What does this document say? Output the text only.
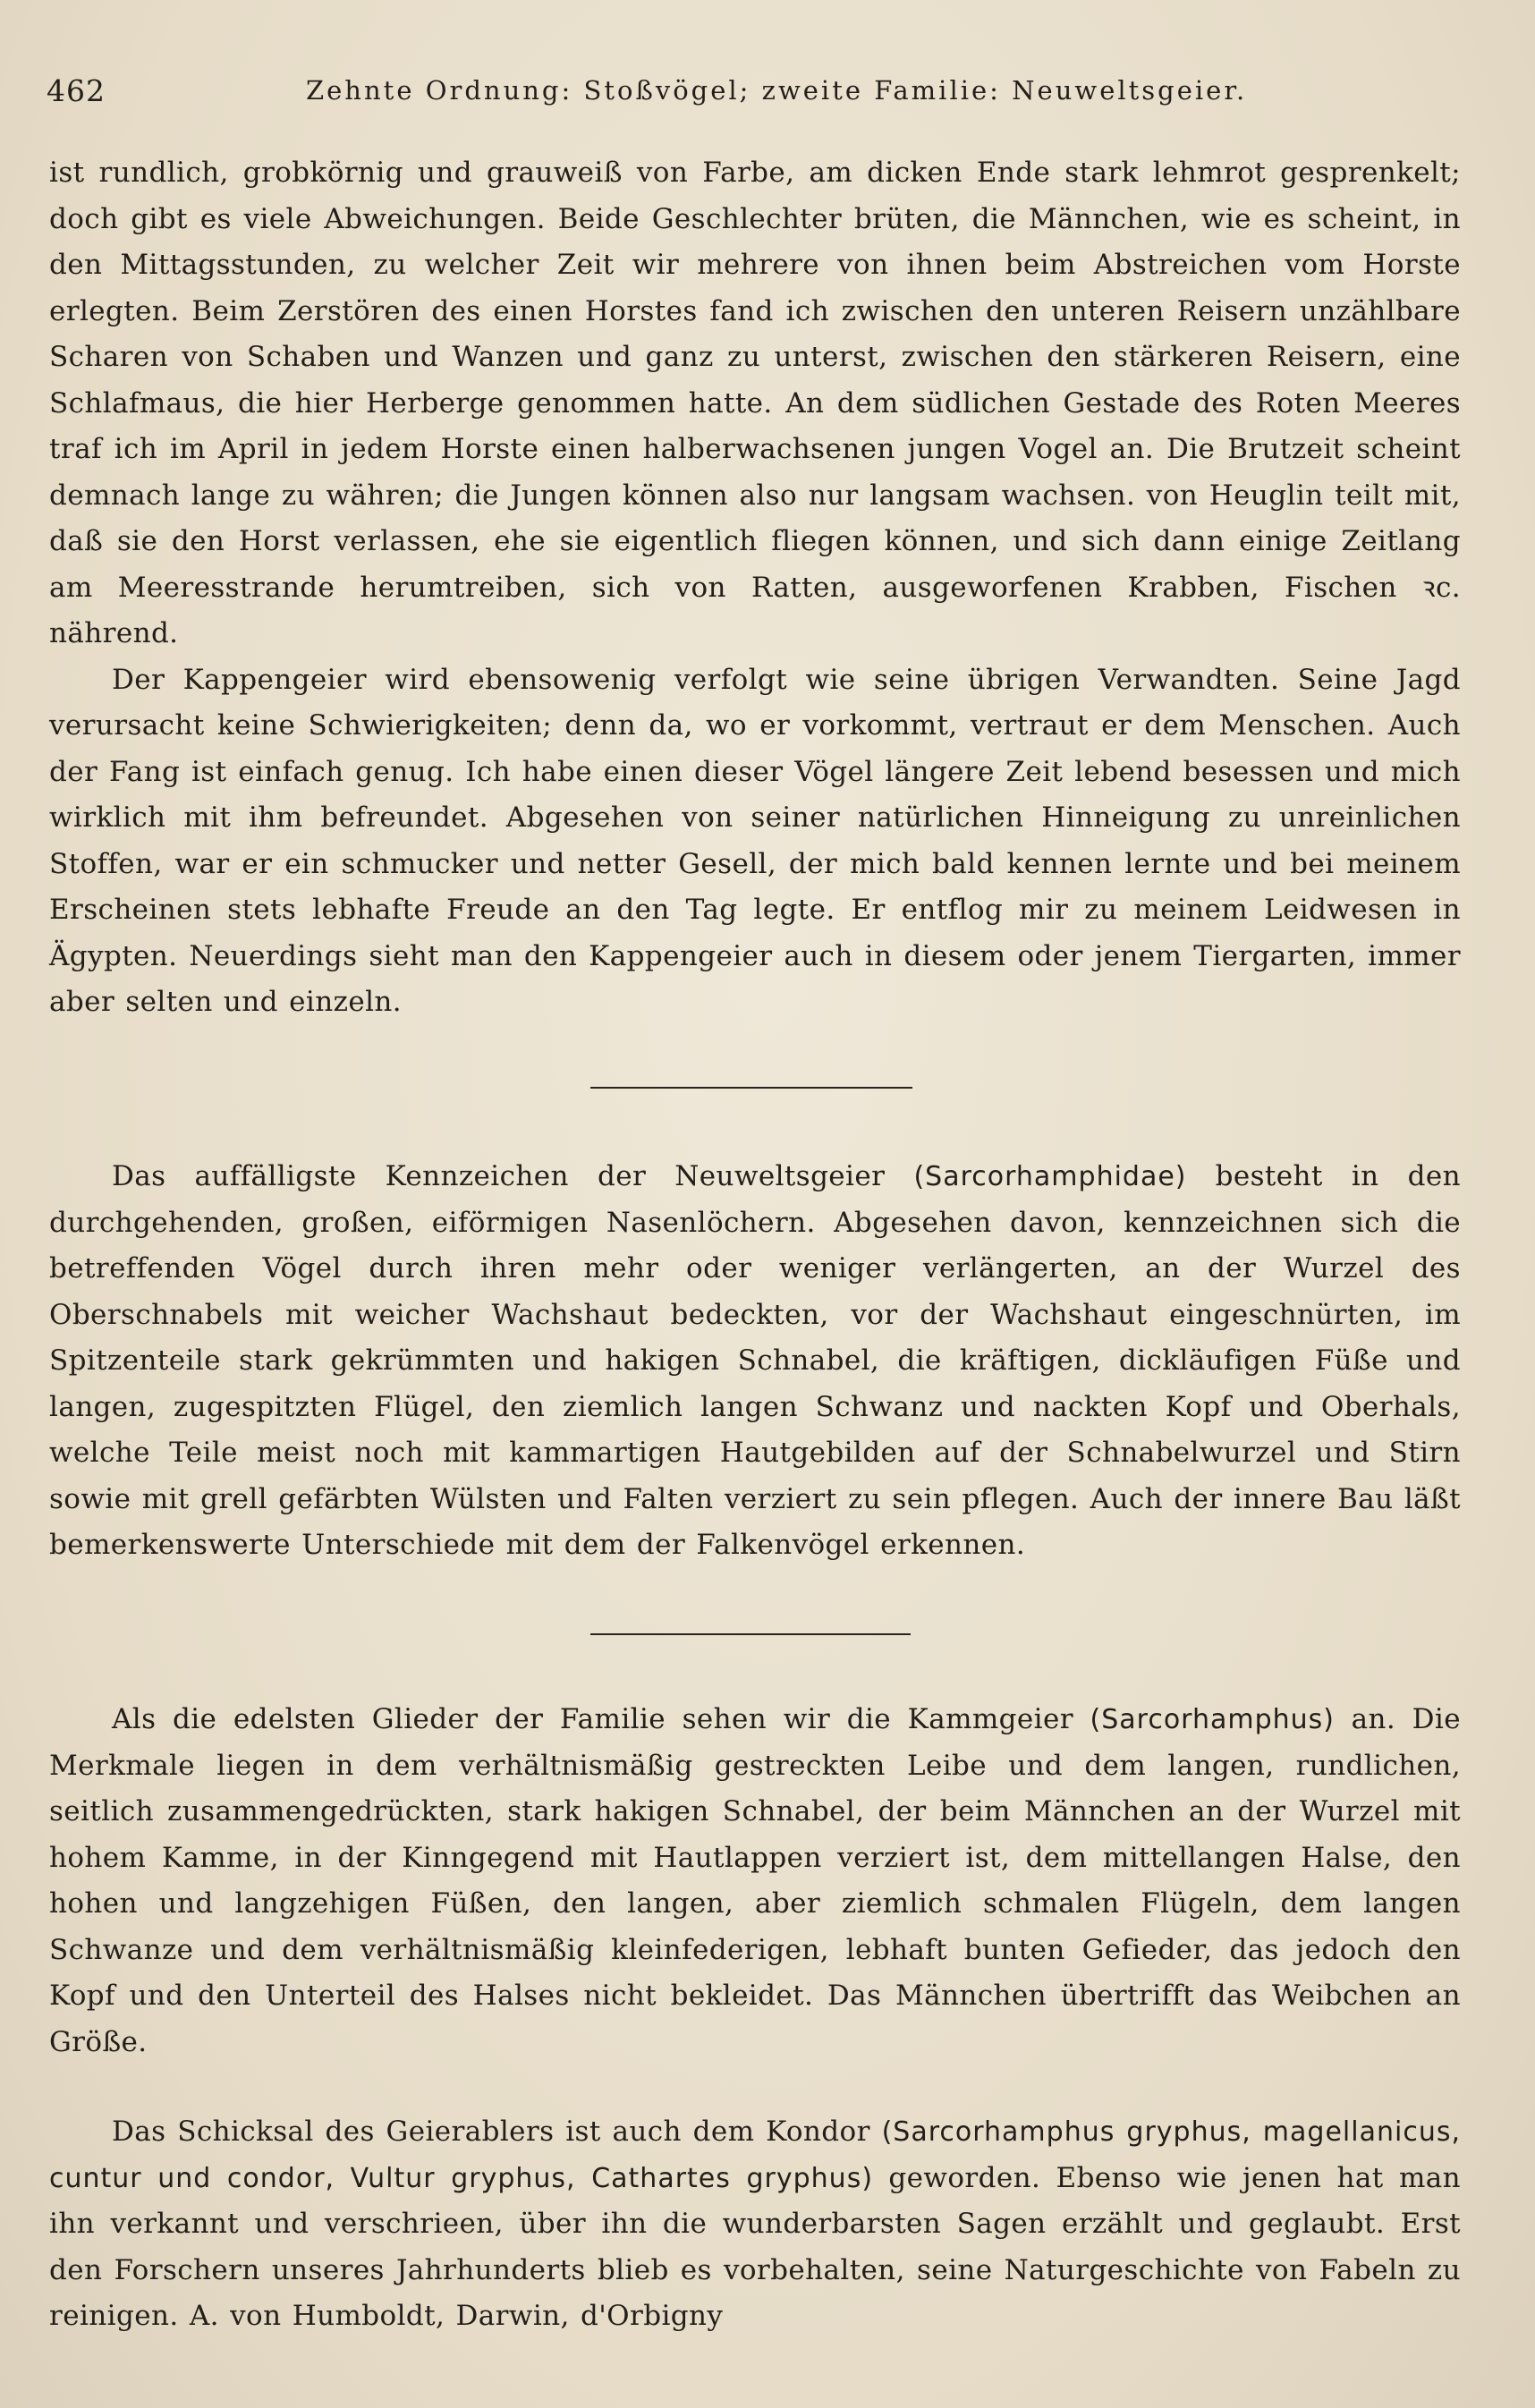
462	Zehnte Ordnung: Stoßvögel; zweite Familie: Neuweltsgeier.

ist rundlich, grobkörnig und grauweiß von Farbe, am dicken Ende stark lehmrot gesprenkelt; doch gibt es viele Abweichungen. Beide Geschlechter brüten, die Männchen, wie es scheint, in den Mittagsstunden, zu welcher Zeit wir mehrere von ihnen beim Abstreichen vom Horste erlegten. Beim Zerstören des einen Horstes fand ich zwischen den unteren Reisern unzählbare Scharen von Schaben und Wanzen und ganz zu unterst, zwischen den stärkeren Reisern, eine Schlafmaus, die hier Herberge genommen hatte. An dem südlichen Gestade des Roten Meeres traf ich im April in jedem Horste einen halberwachsenen jungen Vogel an. Die Brutzeit scheint demnach lange zu währen; die Jungen können also nur langsam wachsen. von Heuglin teilt mit, daß sie den Horst verlassen, ehe sie eigentlich fliegen können, und sich dann einige Zeitlang am Meeresstrande herumtreiben, sich von Ratten, ausgeworfenen Krabben, Fischen ꝛc. nährend.

Der Kappengeier wird ebensowenig verfolgt wie seine übrigen Verwandten. Seine Jagd verursacht keine Schwierigkeiten; denn da, wo er vorkommt, vertraut er dem Menschen. Auch der Fang ist einfach genug. Ich habe einen dieser Vögel längere Zeit lebend besessen und mich wirklich mit ihm befreundet. Abgesehen von seiner natürlichen Hinneigung zu unreinlichen Stoffen, war er ein schmucker und netter Gesell, der mich bald kennen lernte und bei meinem Erscheinen stets lebhafte Freude an den Tag legte. Er entflog mir zu meinem Leidwesen in Ägypten. Neuerdings sieht man den Kappengeier auch in diesem oder jenem Tiergarten, immer aber selten und einzeln.

Das auffälligste Kennzeichen der Neuweltsgeier (Sarcorhamphidae) besteht in den durchgehenden, großen, eiförmigen Nasenlöchern. Abgesehen davon, kennzeichnen sich die betreffenden Vögel durch ihren mehr oder weniger verlängerten, an der Wurzel des Oberschnabels mit weicher Wachshaut bedeckten, vor der Wachshaut eingeschnürten, im Spitzenteile stark gekrümmten und hakigen Schnabel, die kräftigen, dickläufigen Füße und langen, zugespitzten Flügel, den ziemlich langen Schwanz und nackten Kopf und Oberhals, welche Teile meist noch mit kammartigen Hautgebilden auf der Schnabelwurzel und Stirn sowie mit grell gefärbten Wülsten und Falten verziert zu sein pflegen. Auch der innere Bau läßt bemerkenswerte Unterschiede mit dem der Falkenvögel erkennen.

Als die edelsten Glieder der Familie sehen wir die Kammgeier (Sarcorhamphus) an. Die Merkmale liegen in dem verhältnismäßig gestreckten Leibe und dem langen, rundlichen, seitlich zusammengedrückten, stark hakigen Schnabel, der beim Männchen an der Wurzel mit hohem Kamme, in der Kinngegend mit Hautlappen verziert ist, dem mittellangen Halse, den hohen und langzehigen Füßen, den langen, aber ziemlich schmalen Flügeln, dem langen Schwanze und dem verhältnismäßig kleinfederigen, lebhaft bunten Gefieder, das jedoch den Kopf und den Unterteil des Halses nicht bekleidet. Das Männchen übertrifft das Weibchen an Größe.

Das Schicksal des Geierablers ist auch dem Kondor (Sarcorhamphus gryphus, magellanicus, cuntur und condor, Vultur gryphus, Cathartes gryphus) geworden. Ebenso wie jenen hat man ihn verkannt und verschrieen, über ihn die wunderbarsten Sagen erzählt und geglaubt. Erst den Forschern unseres Jahrhunderts blieb es vorbehalten, seine Naturgeschichte von Fabeln zu reinigen. A. von Humboldt, Darwin, d'Orbigny
